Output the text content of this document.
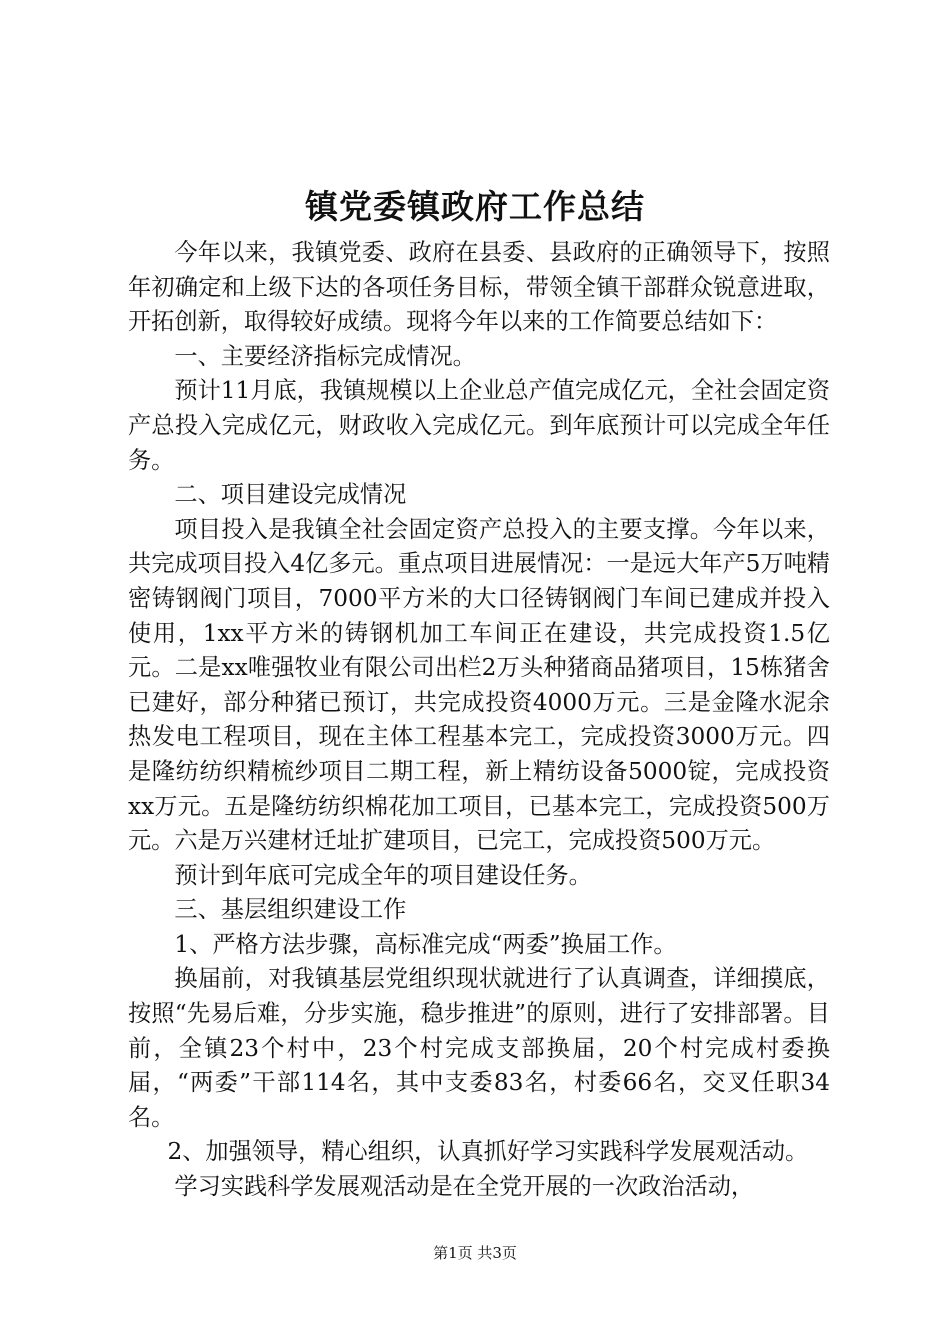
镇党委镇政府工作总结

今年以来，我镇党委、政府在县委、县政府的正确领导下，按照年初确定和上级下达的各项任务目标，带领全镇干部群众锐意进取，开拓创新，取得较好成绩。现将今年以来的工作简要总结如下：

一、主要经济指标完成情况。

预计11月底，我镇规模以上企业总产值完成亿元，全社会固定资产总投入完成亿元，财政收入完成亿元。到年底预计可以完成全年任务。

二、项目建设完成情况

项目投入是我镇全社会固定资产总投入的主要支撑。今年以来，共完成项目投入4亿多元。重点项目进展情况：一是远大年产5万吨精密铸钢阀门项目，7000平方米的大口径铸钢阀门车间已建成并投入使用，1xx平方米的铸钢机加工车间正在建设，共完成投资1.5亿元。二是xx唯强牧业有限公司出栏2万头种猪商品猪项目，15栋猪舍已建好，部分种猪已预订，共完成投资4000万元。三是金隆水泥余热发电工程项目，现在主体工程基本完工，完成投资3000万元。四是隆纺纺织精梳纱项目二期工程，新上精纺设备5000锭，完成投资xx万元。五是隆纺纺织棉花加工项目，已基本完工，完成投资500万元。六是万兴建材迁址扩建项目，已完工，完成投资500万元。

预计到年底可完成全年的项目建设任务。

三、基层组织建设工作

1、严格方法步骤，高标准完成“两委”换届工作。

换届前，对我镇基层党组织现状就进行了认真调查，详细摸底，按照“先易后难，分步实施，稳步推进”的原则，进行了安排部署。目前，全镇23个村中，23个村完成支部换届，20个村完成村委换届，“两委”干部114名，其中支委83名，村委66名，交叉任职34名。

2、加强领导，精心组织，认真抓好学习实践科学发展观活动。

学习实践科学发展观活动是在全党开展的一次政治活动，

第1页 共3页
